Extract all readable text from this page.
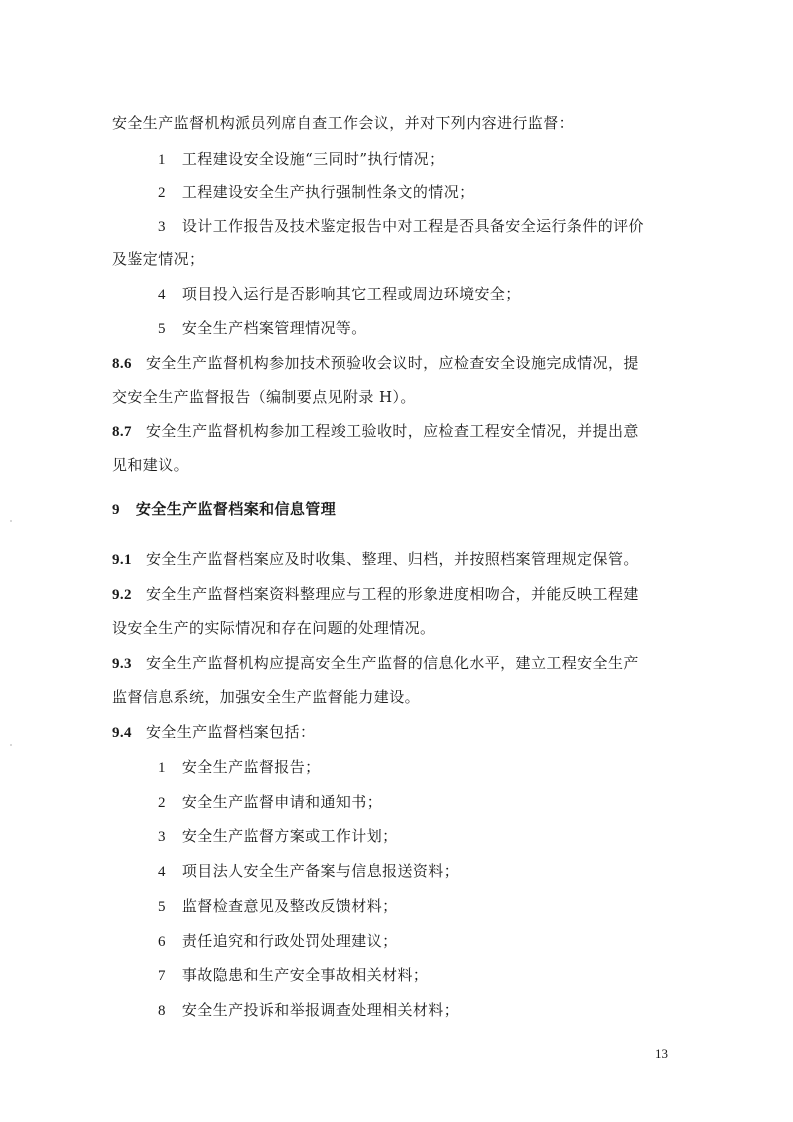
安全生产监督机构派员列席自查工作会议，并对下列内容进行监督：
1 工程建设安全设施“三同时”执行情况；
2 工程建设安全生产执行强制性条文的情况；
3 设计工作报告及技术鉴定报告中对工程是否具备安全运行条件的评价
及鉴定情况；
4 项目投入运行是否影响其它工程或周边环境安全；
5 安全生产档案管理情况等。
8.6 安全生产监督机构参加技术预验收会议时，应检查安全设施完成情况，提
交安全生产监督报告（编制要点见附录 H）。
8.7 安全生产监督机构参加工程竣工验收时，应检查工程安全情况，并提出意
见和建议。
9 安全生产监督档案和信息管理
9.1 安全生产监督档案应及时收集、整理、归档，并按照档案管理规定保管。
9.2 安全生产监督档案资料整理应与工程的形象进度相吻合，并能反映工程建
设安全生产的实际情况和存在问题的处理情况。
9.3 安全生产监督机构应提高安全生产监督的信息化水平，建立工程安全生产
监督信息系统，加强安全生产监督能力建设。
9.4 安全生产监督档案包括：
1 安全生产监督报告；
2 安全生产监督申请和通知书；
3 安全生产监督方案或工作计划；
4 项目法人安全生产备案与信息报送资料；
5 监督检查意见及整改反馈材料；
6 责任追究和行政处罚处理建议；
7 事故隐患和生产安全事故相关材料；
8 安全生产投诉和举报调查处理相关材料；
13
